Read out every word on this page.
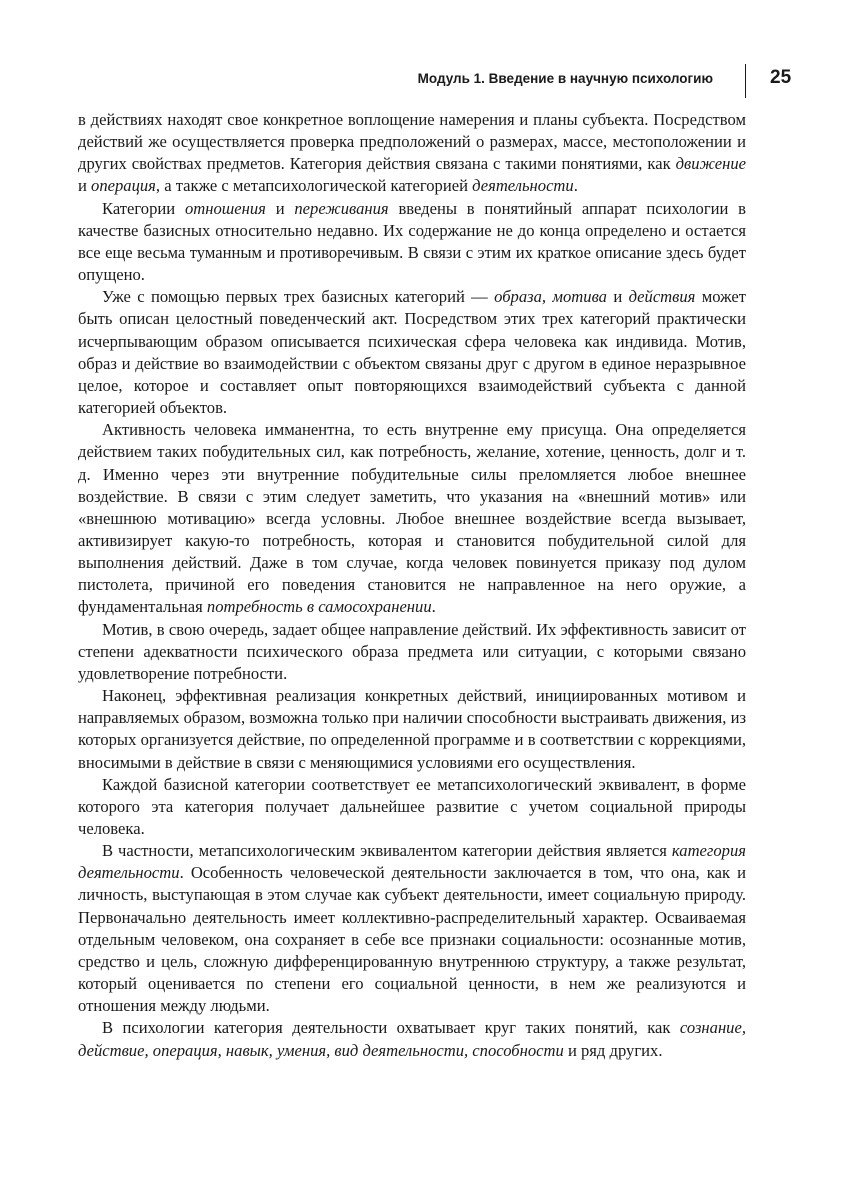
Модуль 1. Введение в научную психологию	25

в действиях находят свое конкретное воплощение намерения и планы субъекта. Посредством действий же осуществляется проверка предположений о размерах, массе, местоположении и других свойствах предметов. Категория действия связана с такими понятиями, как движение и операция, а также с метапсихологической категорией деятельности.

Категории отношения и переживания введены в понятийный аппарат психологии в качестве базисных относительно недавно. Их содержание не до конца определено и остается все еще весьма туманным и противоречивым. В связи с этим их краткое описание здесь будет опущено.

Уже с помощью первых трех базисных категорий — образа, мотива и действия может быть описан целостный поведенческий акт. Посредством этих трех категорий практически исчерпывающим образом описывается психическая сфера человека как индивида. Мотив, образ и действие во взаимодействии с объектом связаны друг с другом в единое неразрывное целое, которое и составляет опыт повторяющихся взаимодействий субъекта с данной категорией объектов.

Активность человека имманентна, то есть внутренне ему присуща. Она определяется действием таких побудительных сил, как потребность, желание, хотение, ценность, долг и т. д. Именно через эти внутренние побудительные силы преломляется любое внешнее воздействие. В связи с этим следует заметить, что указания на «внешний мотив» или «внешнюю мотивацию» всегда условны. Любое внешнее воздействие всегда вызывает, активизирует какую-то потребность, которая и становится побудительной силой для выполнения действий. Даже в том случае, когда человек повинуется приказу под дулом пистолета, причиной его поведения становится не направленное на него оружие, а фундаментальная потребность в самосохранении.

Мотив, в свою очередь, задает общее направление действий. Их эффективность зависит от степени адекватности психического образа предмета или ситуации, с которыми связано удовлетворение потребности.

Наконец, эффективная реализация конкретных действий, инициированных мотивом и направляемых образом, возможна только при наличии способности выстраивать движения, из которых организуется действие, по определенной программе и в соответствии с коррекциями, вносимыми в действие в связи с меняющимися условиями его осуществления.

Каждой базисной категории соответствует ее метапсихологический эквивалент, в форме которого эта категория получает дальнейшее развитие с учетом социальной природы человека.

В частности, метапсихологическим эквивалентом категории действия является категория деятельности. Особенность человеческой деятельности заключается в том, что она, как и личность, выступающая в этом случае как субъект деятельности, имеет социальную природу. Первоначально деятельность имеет коллективно-распределительный характер. Осваиваемая отдельным человеком, она сохраняет в себе все признаки социальности: осознанные мотив, средство и цель, сложную дифференцированную внутреннюю структуру, а также результат, который оценивается по степени его социальной ценности, в нем же реализуются и отношения между людьми.

В психологии категория деятельности охватывает круг таких понятий, как сознание, действие, операция, навык, умения, вид деятельности, способности и ряд других.
